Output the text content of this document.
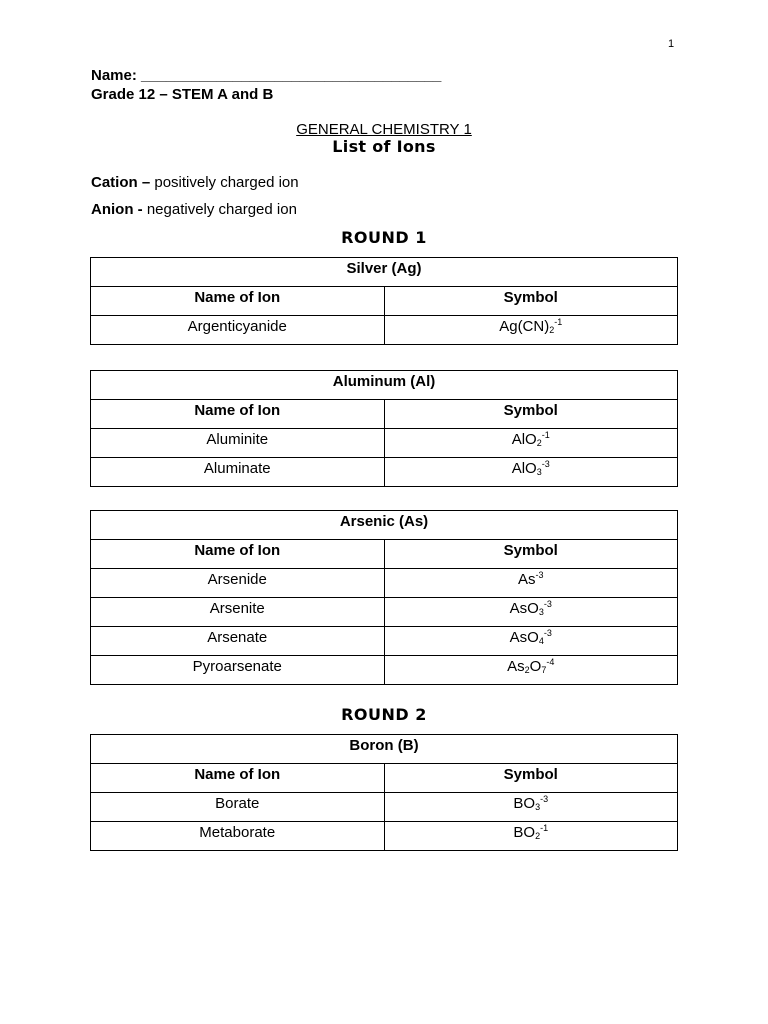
1
Name: ____________________________________
Grade 12 – STEM A and B
GENERAL CHEMISTRY 1
List of Ions
Cation – positively charged ion
Anion - negatively charged ion
ROUND 1
Silver (Ag)	
Name of Ion	Symbol
Argenticyanide	$Ag(CN)_2^{-1}$
Aluminum (Al)	
Name of Ion	Symbol
Aluminite	AlO$_2^{-1}$
Aluminate	AlO$_3^{-3}$
Arsenic (As)	
Name of Ion	Symbol
Arsenide	$As^{-3}$
Arsenite	AsO$_3^{-3}$
Arsenate	AsO$_4^{-3}$
Pyroarsenate	$As_2O_7^{-4}$
ROUND 2
Boron (B)	
Name of Ion	Symbol
Borate	$BO_3^{-3}$
Metaborate	$BO_2^{-1}$
